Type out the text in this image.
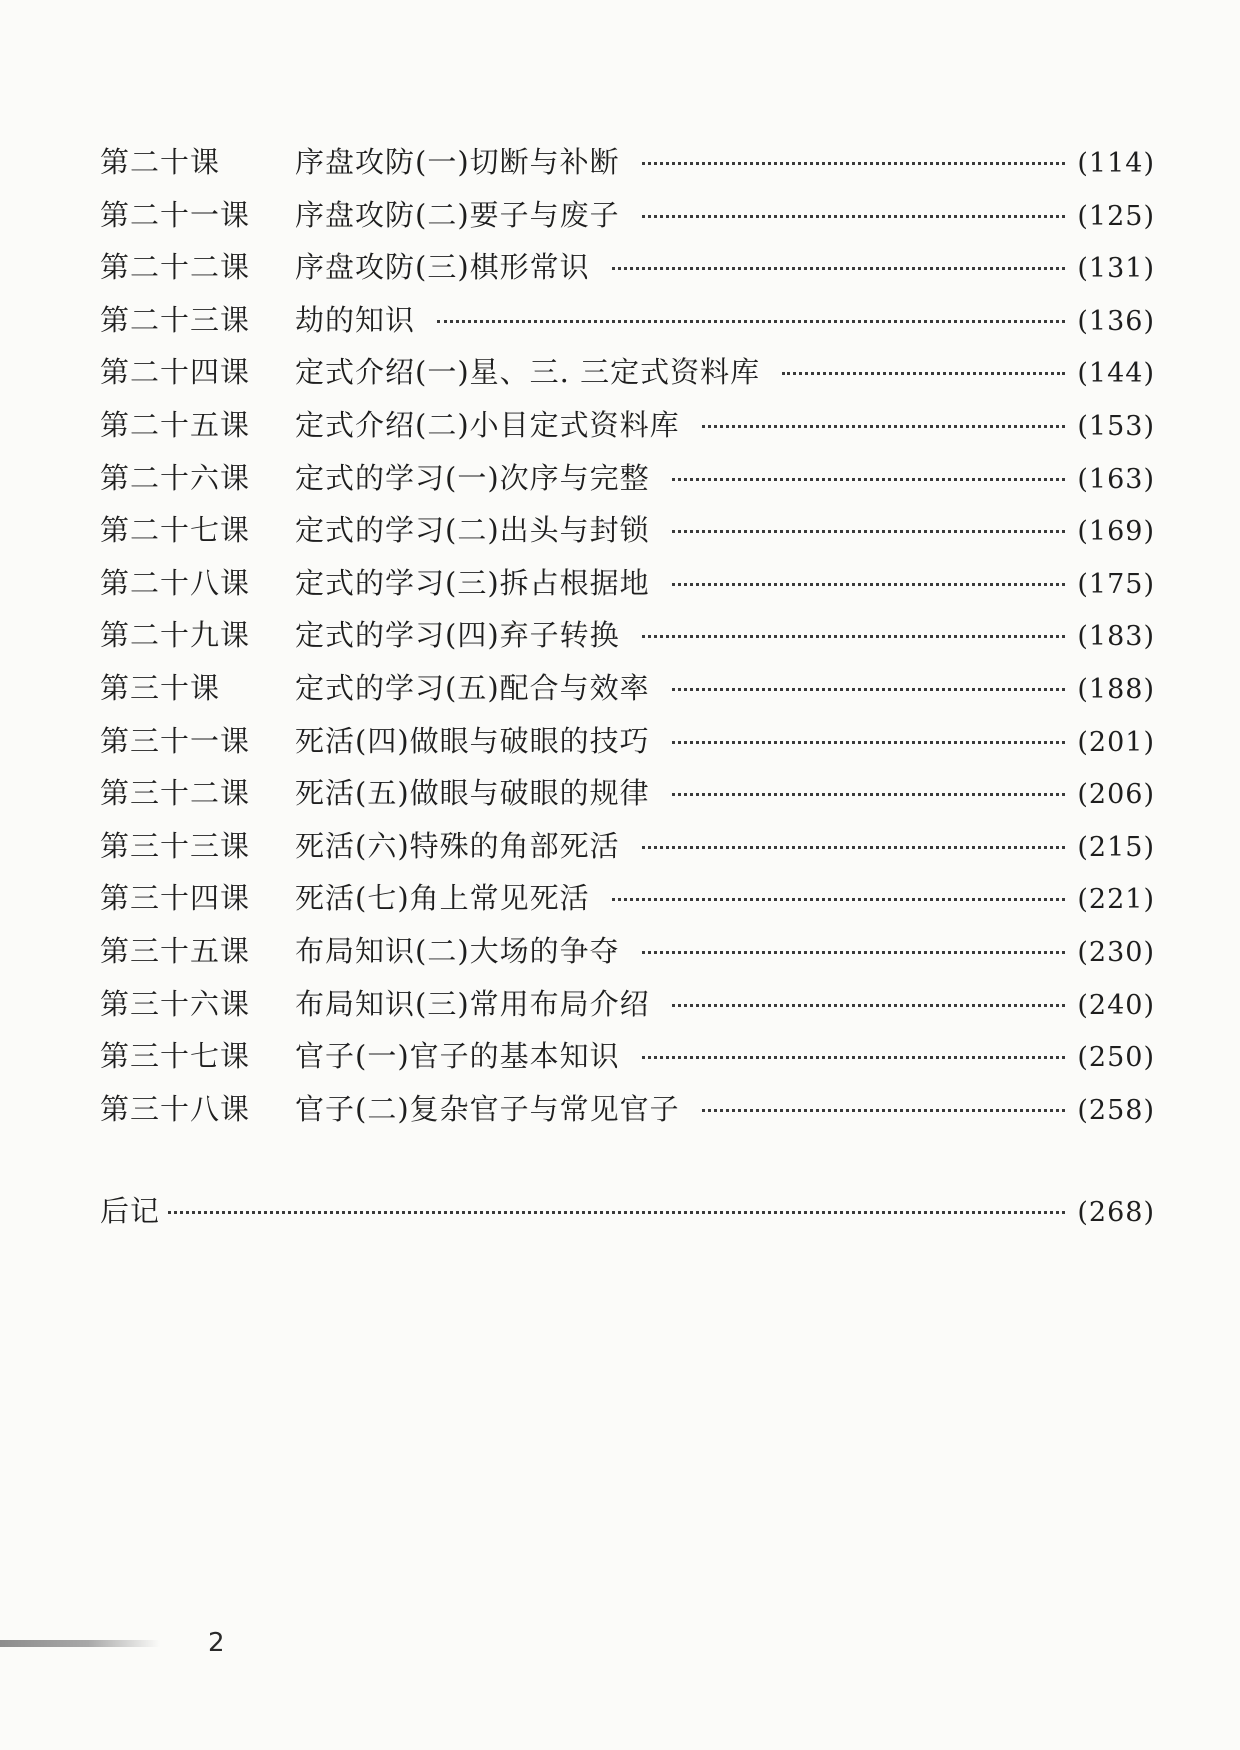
第二十课	序盘攻防(一)切断与补断	(114)
第二十一课	序盘攻防(二)要子与废子	(125)
第二十二课	序盘攻防(三)棋形常识	(131)
第二十三课	劫的知识	(136)
第二十四课	定式介绍(一)星、三. 三定式资料库	(144)
第二十五课	定式介绍(二)小目定式资料库	(153)
第二十六课	定式的学习(一)次序与完整	(163)
第二十七课	定式的学习(二)出头与封锁	(169)
第二十八课	定式的学习(三)拆占根据地	(175)
第二十九课	定式的学习(四)弃子转换	(183)
第三十课	定式的学习(五)配合与效率	(188)
第三十一课	死活(四)做眼与破眼的技巧	(201)
第三十二课	死活(五)做眼与破眼的规律	(206)
第三十三课	死活(六)特殊的角部死活	(215)
第三十四课	死活(七)角上常见死活	(221)
第三十五课	布局知识(二)大场的争夺	(230)
第三十六课	布局知识(三)常用布局介绍	(240)
第三十七课	官子(一)官子的基本知识	(250)
第三十八课	官子(二)复杂官子与常见官子	(258)
后记	(268)
2
